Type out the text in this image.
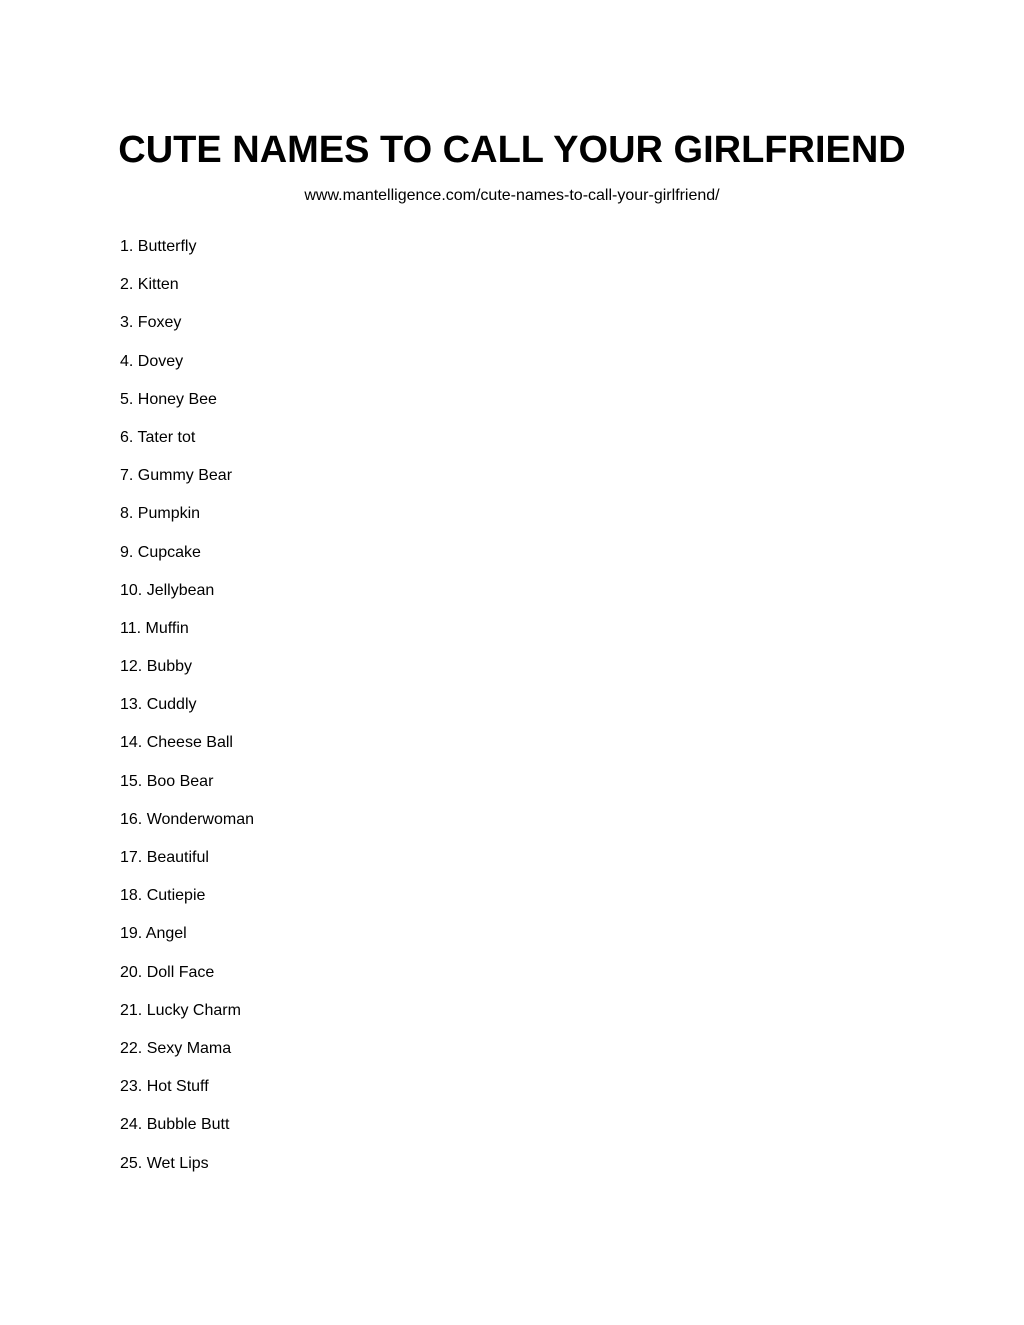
CUTE NAMES TO CALL YOUR GIRLFRIEND

www.mantelligence.com/cute-names-to-call-your-girlfriend/

1. Butterfly
2. Kitten
3. Foxey
4. Dovey
5. Honey Bee
6. Tater tot
7. Gummy Bear
8. Pumpkin
9. Cupcake
10. Jellybean
11. Muffin
12. Bubby
13. Cuddly
14. Cheese Ball
15. Boo Bear
16. Wonderwoman
17. Beautiful
18. Cutiepie
19. Angel
20. Doll Face
21. Lucky Charm
22. Sexy Mama
23. Hot Stuff
24. Bubble Butt
25. Wet Lips
